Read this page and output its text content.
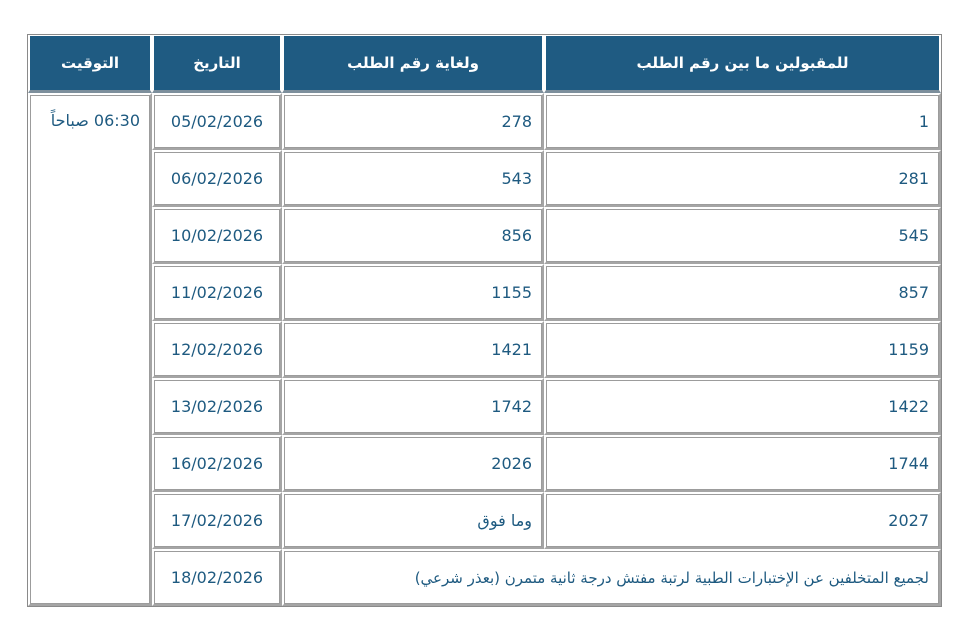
للمقبولين ما بين رقم الطلب	ولغاية رقم الطلب	التاريخ	التوقيت
1	278	05/02/2026	06:30 صباحاً
281	543	06/02/2026	
545	856	10/02/2026	
857	1155	11/02/2026	
1159	1421	12/02/2026	
1422	1742	13/02/2026	
1744	2026	16/02/2026	
2027	وما فوق	17/02/2026	
لجميع المتخلفين عن الإختبارات الطبية لرتبة مفتش درجة ثانية متمرن (بعذر شرعي)		18/02/2026	
